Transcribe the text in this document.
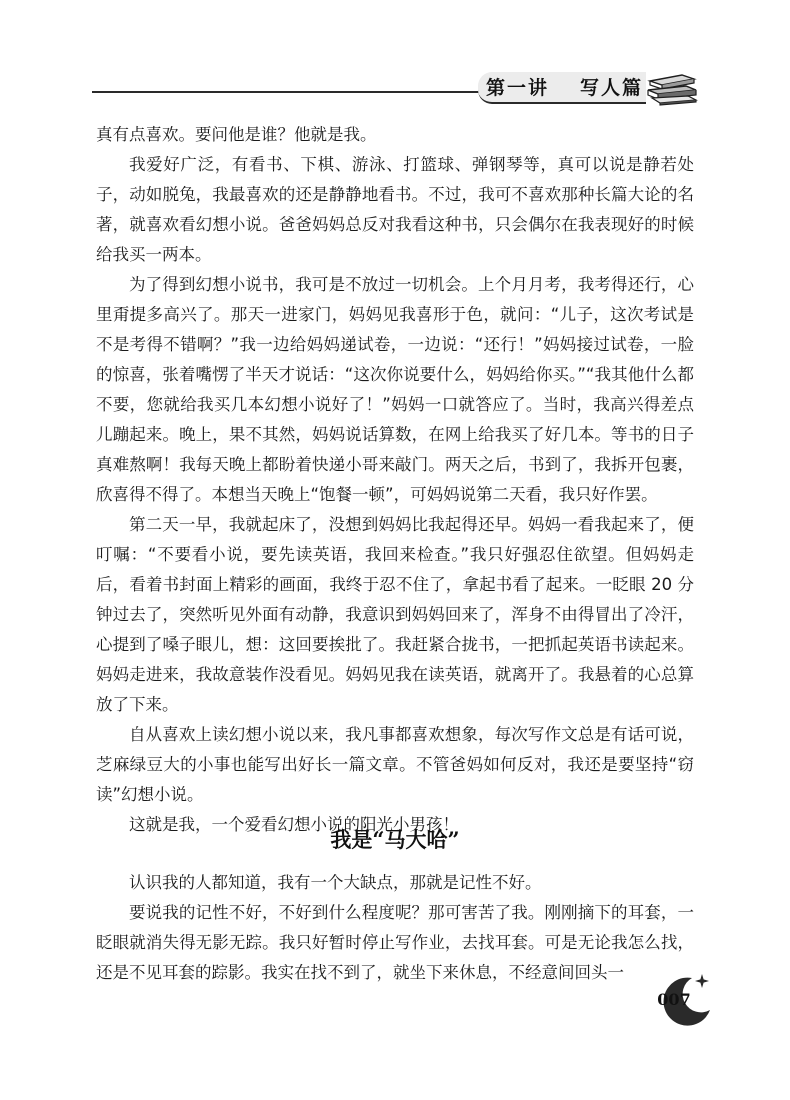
第一讲 写人篇

真有点喜欢。要问他是谁？他就是我。

我爱好广泛，有看书、下棋、游泳、打篮球、弹钢琴等，真可以说是静若处子，动如脱兔，我最喜欢的还是静静地看书。不过，我可不喜欢那种长篇大论的名著，就喜欢看幻想小说。爸爸妈妈总反对我看这种书，只会偶尔在我表现好的时候给我买一两本。

为了得到幻想小说书，我可是不放过一切机会。上个月月考，我考得还行，心里甭提多高兴了。那天一进家门，妈妈见我喜形于色，就问：“儿子，这次考试是不是考得不错啊？”我一边给妈妈递试卷，一边说：“还行！”妈妈接过试卷，一脸的惊喜，张着嘴愣了半天才说话：“这次你说要什么，妈妈给你买。”“我其他什么都不要，您就给我买几本幻想小说好了！”妈妈一口就答应了。当时，我高兴得差点儿蹦起来。晚上，果不其然，妈妈说话算数，在网上给我买了好几本。等书的日子真难熬啊！我每天晚上都盼着快递小哥来敲门。两天之后，书到了，我拆开包裹，欣喜得不得了。本想当天晚上“饱餐一顿”，可妈妈说第二天看，我只好作罢。

第二天一早，我就起床了，没想到妈妈比我起得还早。妈妈一看我起来了，便叮嘱：“不要看小说，要先读英语，我回来检查。”我只好强忍住欲望。但妈妈走后，看着书封面上精彩的画面，我终于忍不住了，拿起书看了起来。一眨眼 20 分钟过去了，突然听见外面有动静，我意识到妈妈回来了，浑身不由得冒出了冷汗，心提到了嗓子眼儿，想：这回要挨批了。我赶紧合拢书，一把抓起英语书读起来。妈妈走进来，我故意装作没看见。妈妈见我在读英语，就离开了。我悬着的心总算放了下来。

自从喜欢上读幻想小说以来，我凡事都喜欢想象，每次写作文总是有话可说，芝麻绿豆大的小事也能写出好长一篇文章。不管爸妈如何反对，我还是要坚持“窃读”幻想小说。

这就是我，一个爱看幻想小说的阳光小男孩！

我是“马大哈”

认识我的人都知道，我有一个大缺点，那就是记性不好。

要说我的记性不好，不好到什么程度呢？那可害苦了我。刚刚摘下的耳套，一眨眼就消失得无影无踪。我只好暂时停止写作业，去找耳套。可是无论我怎么找，还是不见耳套的踪影。我实在找不到了，就坐下来休息，不经意间回头一

007
